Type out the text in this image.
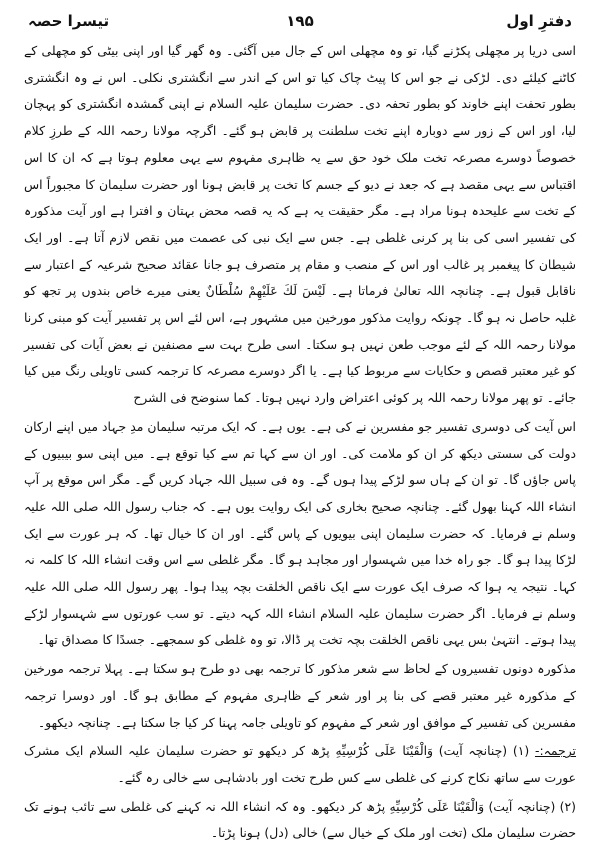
دفترِ اول
۱۹۵
تیسرا حصہ

اسی دریا پر مچھلی پکڑنے گیا، تو وہ مچھلی اس کے جال میں آگئی۔ وہ گھر گیا اور اپنی بیٹی کو مچھلی کے کاٹنے کیلئے دی۔ لڑکی نے جو اس کا پیٹ چاک کیا تو اس کے اندر سے انگشتری نکلی۔ اس نے وہ انگشتری بطور تحفت اپنے خاوند کو بطور تحفہ دی۔ حضرت سلیمان علیہ السلام نے اپنی گمشدہ انگشتری کو پہچان لیا، اور اس کے زور سے دوبارہ اپنے تخت سلطنت پر قابض ہو گئے۔ اگرچہ مولانا رحمہ اللہ کے طرزِ کلام خصوصاً دوسرے مصرعہ تخت ملک خود حق سے یہ ظاہری مفہوم سے یہی معلوم ہوتا ہے کہ ان کا اس اقتباس سے یہی مقصد ہے کہ جعد نے دیو کے جسم کا تخت پر قابض ہونا اور حضرت سلیمان کا مجبوراً اس کے تخت سے علیحدہ ہونا مراد ہے۔ مگر حقیقت یہ ہے کہ یہ قصہ محض بہتان و افترا ہے اور آیت مذکورہ کی تفسیر اسی کی بنا پر کرنی غلطی ہے۔ جس سے ایک نبی کی عصمت میں نقص لازم آتا ہے۔ اور ایک شیطان کا پیغمبر پر غالب اور اس کے منصب و مقام پر متصرف ہو جانا عقائد صحیح شرعیہ کے اعتبار سے ناقابل قبول ہے۔ چنانچہ اللہ تعالیٰ فرماتا ہے۔ لَيْسَ لَكَ عَلَيْهِمْ سُلْطَانٌ یعنی میرے خاص بندوں پر تجھ کو غلبہ حاصل نہ ہو گا۔ چونکہ روایت مذکور مورخین میں مشہور ہے، اس لئے اس پر تفسیر آیت کو مبنی کرنا مولانا رحمہ اللہ کے لئے موجب طعن نہیں ہو سکتا۔ اسی طرح بہت سے مصنفین نے بعض آیات کی تفسیر کو غیر معتبر قصص و حکایات سے مربوط کیا ہے۔ یا اگر دوسرے مصرعہ کا ترجمہ کسی تاویلی رنگ میں کیا جائے۔ تو پھر مولانا رحمہ اللہ پر کوئی اعتراض وارد نہیں ہوتا۔ کما سنوضح فی الشرح

اس آیت کی دوسری تفسیر جو مفسرین نے کی ہے۔ یوں ہے۔ کہ ایک مرتبہ سلیمان مدِ جہاد میں اپنے ارکان دولت کی سستی دیکھ کر ان کو ملامت کی۔ اور ان سے کہا تم سے کیا توقع ہے۔ میں اپنی سو بیبیوں کے پاس جاؤں گا۔ تو ان کے ہاں سو لڑکے پیدا ہوں گے۔ وہ فی سبیل اللہ جہاد کریں گے۔ مگر اس موقع پر آپ انشاء اللہ کہنا بھول گئے۔ چنانچہ صحیح بخاری کی ایک روایت یوں ہے۔ کہ جناب رسول اللہ صلی اللہ علیہ وسلم نے فرمایا۔ کہ حضرت سلیمان اپنی بیویوں کے پاس گئے۔ اور ان کا خیال تھا۔ کہ ہر عورت سے ایک لڑکا پیدا ہو گا۔ جو راہ خدا میں شہسوار اور مجاہد ہو گا۔ مگر غلطی سے اس وقت انشاء اللہ کا کلمہ نہ کہا۔ نتیجہ یہ ہوا کہ صرف ایک عورت سے ایک ناقص الخلقت بچہ پیدا ہوا۔ پھر رسول اللہ صلی اللہ علیہ وسلم نے فرمایا۔ اگر حضرت سلیمان علیہ السلام انشاء اللہ کہہ دیتے۔ تو سب عورتوں سے شہسوار لڑکے پیدا ہوتے۔ انتہیٰ بس یہی ناقص الخلقت بچہ تخت پر ڈالا، تو وہ غلطی کو سمجھے۔ جسدًا کا مصداق تھا۔

مذکورہ دونوں تفسیروں کے لحاظ سے شعر مذکور کا ترجمہ بھی دو طرح ہو سکتا ہے۔ پہلا ترجمہ مورخین کے مذکورہ غیر معتبر قصے کی بنا پر اور شعر کے ظاہری مفہوم کے مطابق ہو گا۔ اور دوسرا ترجمہ مفسرین کی تفسیر کے موافق اور شعر کے مفہوم کو تاویلی جامہ پہنا کر کیا جا سکتا ہے۔ چنانچہ دیکھو۔

ترجمہ:- (۱) (چنانچہ آیت) وَالْقَيْنَا عَلَى كُرْسِيِّهِ پڑھ کر دیکھو تو حضرت سلیمان علیہ السلام ایک مشرک عورت سے ساتھ نکاح کرنے کی غلطی سے کس طرح تخت اور بادشاہی سے خالی رہ گئے۔

(۲) (چنانچہ آیت) وَالْقَيْنَا عَلَى كُرْسِيِّهِ پڑھ کر دیکھو۔ وہ کہ انشاء اللہ نہ کہنے کی غلطی سے تائب ہونے تک حضرت سلیمان ملک (تخت اور ملک کے خیال سے) خالی (دل) ہونا پڑتا۔
